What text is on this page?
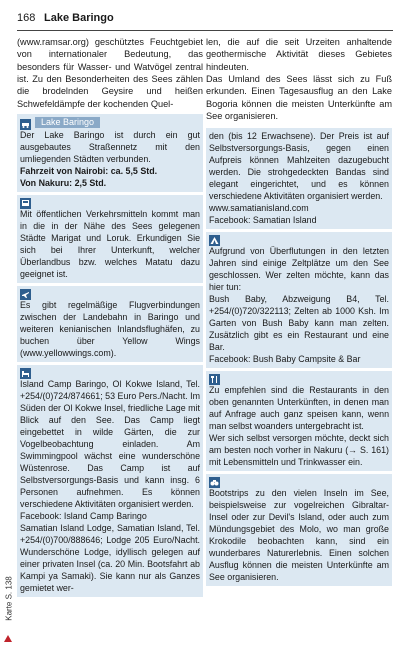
168 Lake Baringo

(www.ramsar.org) geschütztes Feuchtgebiet von internationaler Bedeutung, das besonders für Wasser- und Watvögel zentral ist. Zu den Besonderheiten des Sees zählen die brodelnden Geysire und heißen Schwefeldämpfe der kochenden Quel-

Lake Baringo

Der Lake Baringo ist durch ein gut ausgebautes Straßennetz mit den umliegenden Städten verbunden.

Fahrzeit von Nairobi: ca. 5,5 Std.

Von Nakuru: 2,5 Std.

Mit öffentlichen Verkehrsmitteln kommt man in die in der Nähe des Sees gelegenen Städte Marigat und Loruk. Erkundigen Sie sich bei Ihrer Unterkunft, welcher Überlandbus bzw. welches Matatu dazu geeignet ist.

Es gibt regelmäßige Flugverbindungen zwischen der Landebahn in Baringo und weiteren kenianischen Inlandsflughäfen, zu buchen über Yellow Wings (www.yellowwings.com).

Island Camp Baringo, Ol Kokwe Island, Tel. +254/(0)724/874661; 53 Euro Pers./Nacht. Im Süden der Ol Kokwe Insel, friedliche Lage mit Blick auf den See. Das Camp liegt eingebettet in wilde Gärten, die zur Vogelbeobachtung einladen. Am Swimmingpool wächst eine wunderschöne Wüstenrose. Das Camp ist auf Selbstversorgungs-Basis und kann insg. 6 Personen aufnehmen. Es können verschiedene Aktivitäten organisiert werden.

Facebook: Island Camp Baringo

Samatian Island Lodge, Samatian Island, Tel. +254/(0)700/888646; Lodge 205 Euro/Nacht. Wunderschöne Lodge, idyllisch gelegen auf einer privaten Insel (ca. 20 Min. Bootsfahrt ab Kampi ya Samaki). Sie kann nur als Ganzes gemietet wer-

len, die auf die seit Urzeiten anhaltende geothermische Aktivität dieses Gebietes hindeuten.

Das Umland des Sees lässt sich zu Fuß erkunden. Einen Tagesausflug an den Lake Bogoria können die meisten Unterkünfte am See organisieren.

den (bis 12 Erwachsene). Der Preis ist auf Selbstversorgungs-Basis, gegen einen Aufpreis können Mahlzeiten dazugebucht werden. Die strohgedeckten Bandas sind elegant eingerichtet, und es können verschiedene Aktivitäten organisiert werden.

www.samatianisland.com

Facebook: Samatian Island

Aufgrund von Überflutungen in den letzten Jahren sind einige Zeltplätze um den See geschlossen. Wer zelten möchte, kann das hier tun:

Bush Baby, Abzweigung B4, Tel. +254/(0)720/322113; Zelten ab 1000 Ksh. Im Garten von Bush Baby kann man zelten. Zusätzlich gibt es ein Restaurant und eine Bar.

Facebook: Bush Baby Campsite & Bar

Zu empfehlen sind die Restaurants in den oben genannten Unterkünften, in denen man auf Anfrage auch ganz speisen kann, wenn man selbst woanders untergebracht ist.

Wer sich selbst versorgen möchte, deckt sich am besten noch vorher in Nakuru (→ S. 161) mit Lebensmitteln und Trinkwasser ein.

Bootstrips zu den vielen Inseln im See, beispielsweise zur vogelreichen Gibraltar-Insel oder zur Devil's Island, oder auch zum Mündungsgebiet des Molo, wo man große Krokodile beobachten kann, sind ein wunderbares Naturerlebnis. Einen solchen Ausflug können die meisten Unterkünfte am See organisieren.

Karte S. 138
